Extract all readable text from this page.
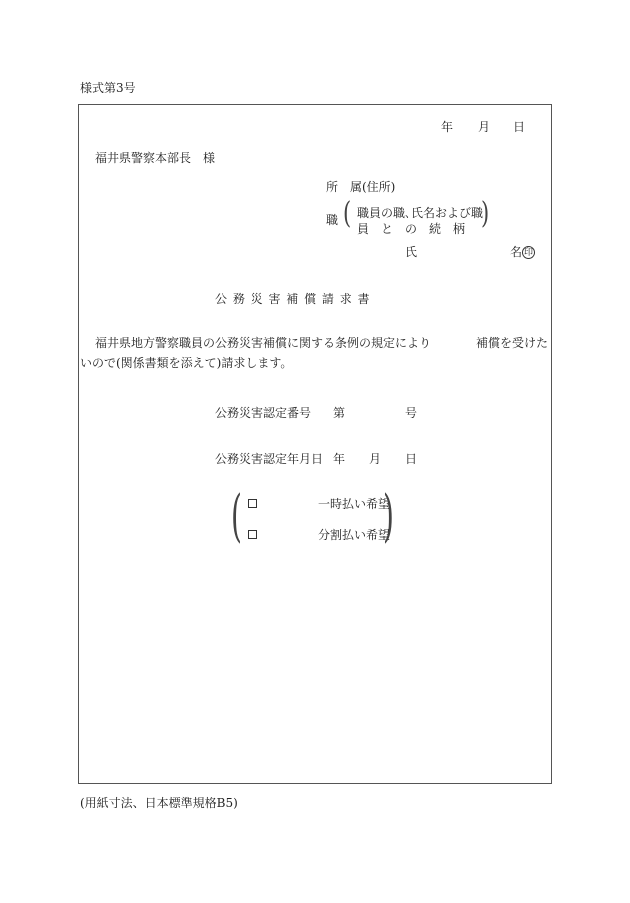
様式第3号
年 月 日
福井県警察本部長　様
所　属(住所)
職 ( 職員の職､氏名および職
員　と　の　続　柄 )
氏	名 印
公 務 災 害 補 償 請 求 書
福井県地方警察職員の公務災害補償に関する条例の規定により	補償を受けた
いので(関係書類を添えて)請求します。
公務災害認定番号 第	号
公務災害認定年月日 年 月 日
(	一時払い希望
分割払い希望
)
(用紙寸法、日本標準規格B5)
